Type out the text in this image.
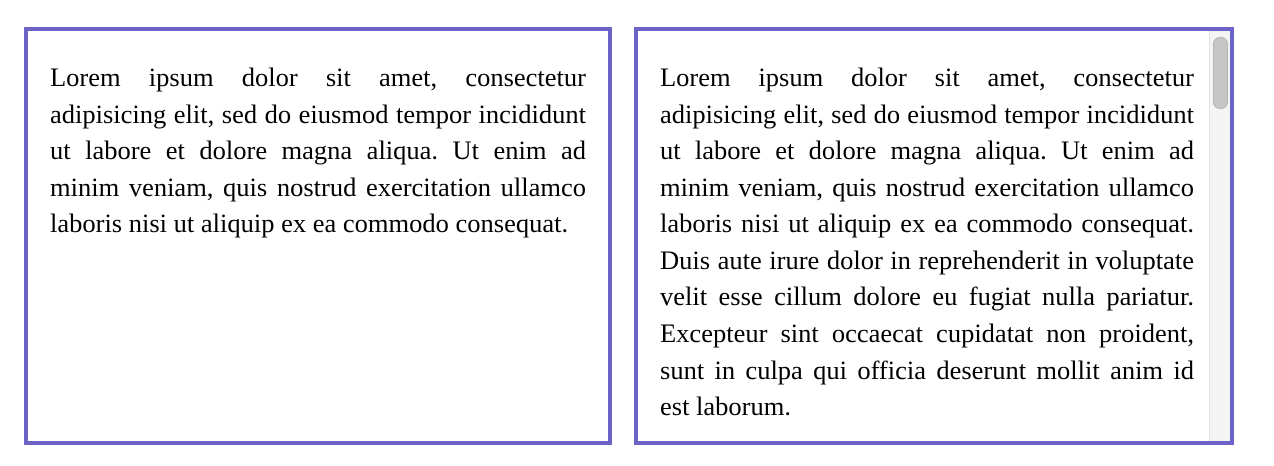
Lorem ipsum dolor sit amet, consectetur adipisicing elit, sed do eiusmod tempor incididunt ut labore et dolore magna aliqua. Ut enim ad minim veniam, quis nostrud exercitation ullamco laboris nisi ut aliquip ex ea commodo consequat.

Lorem ipsum dolor sit amet, consectetur adipisicing elit, sed do eiusmod tempor incididunt ut labore et dolore magna aliqua. Ut enim ad minim veniam, quis nostrud exercitation ullamco laboris nisi ut aliquip ex ea commodo consequat. Duis aute irure dolor in reprehenderit in voluptate velit esse cillum dolore eu fugiat nulla pariatur. Excepteur sint occaecat cupidatat non proident, sunt in culpa qui officia deserunt mollit anim id est laborum.
